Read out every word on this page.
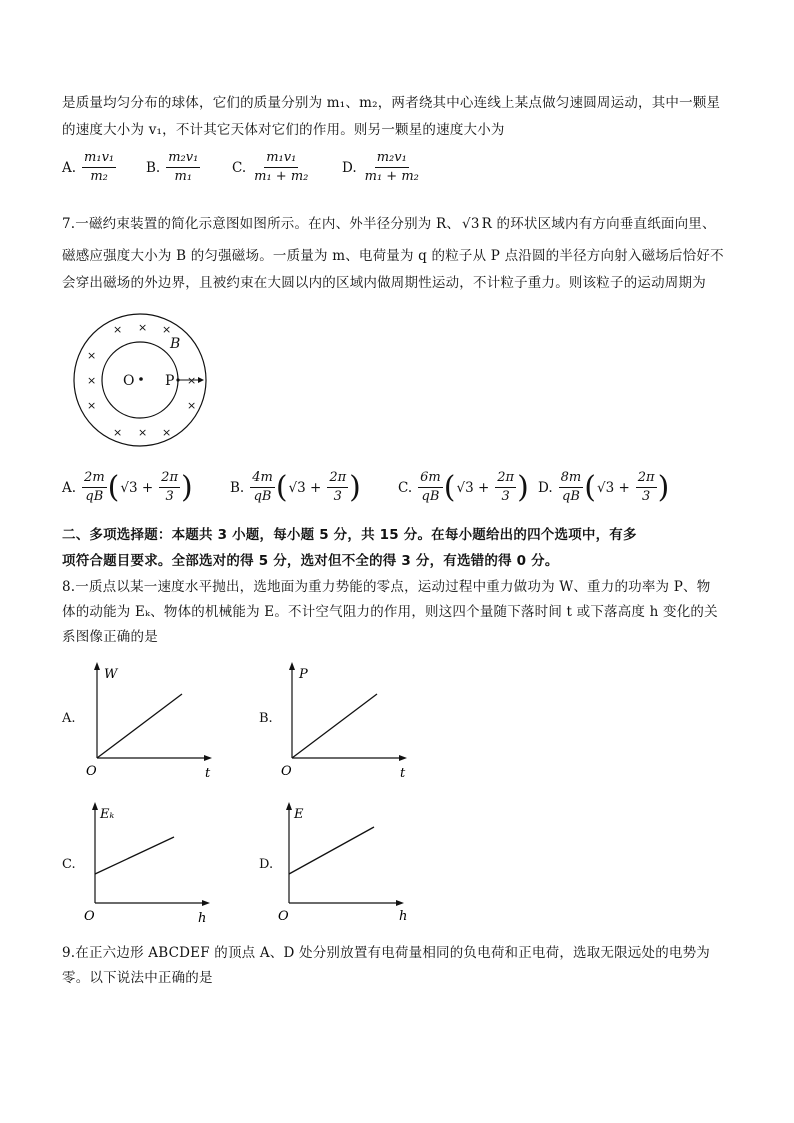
是质量均匀分布的球体，它们的质量分别为 m₁、m₂，两者绕其中心连线上某点做匀速圆周运动，其中一颗星
的速度大小为 v₁，不计其它天体对它们的作用。则另一颗星的速度大小为
A. $\frac{\text{m₁v₁}}{\text{m₂}} B$. $\frac{\text{m₂v₁}}{\text{m₁}} C$. $\frac{\text{m₁v₁}}{\text{m₁ + m₂}} D$. $\frac{\text{m₂v₁}}{\text{m₁ + m₂}}$
7.一磁约束装置的简化示意图如图所示。在内、外半径分别为 R、 √3 R 的环状区域内有方向垂直纸面向里、
磁感应强度大小为 B 的匀强磁场。一质量为 m、电荷量为 q 的粒子从 P 点沿圆的半径方向射入磁场后恰好不
会穿出磁场的外边界，且被约束在大圆以内的区域内做周期性运动，不计粒子重力。则该粒子的运动周期为
× × ×
×
×
×
×
×
× × ×
B
O P
A. $\frac{2m}{qB}$ ( $√3 + \frac{2\pi}{3}$ )	B. $\frac{4m}{qB}$ ( $√3 + \frac{2\pi}{3}$ )	C. $\frac{6m}{qB}$ ( $√3 + \frac{2\pi}{3}$ ) D. $\frac{8m}{qB}$ ( $√3 + \frac{2\pi}{3}$ )
二、多项选择题：本题共 3 小题，每小题 5 分，共 15 分。在每小题给出的四个选项中，有多
项符合题目要求。全部选对的得 5 分，选对但不全的得 3 分，有选错的得 0 分。
8.一质点以某一速度水平抛出，选地面为重力势能的零点，运动过程中重力做功为 W、重力的功率为 P、物
体的动能为 Eₖ、物体的机械能为 E。不计空气阻力的作用，则这四个量随下落时间 t 或下落高度 h 变化的关
系图像正确的是
A.
W
O	t
B.
P
O	t
C.
Eₖ
O	h
D.
E
O	h
9.在正六边形 ABCDEF 的顶点 A、D 处分别放置有电荷量相同的负电荷和正电荷，选取无限远处的电势为
零。以下说法中正确的是
